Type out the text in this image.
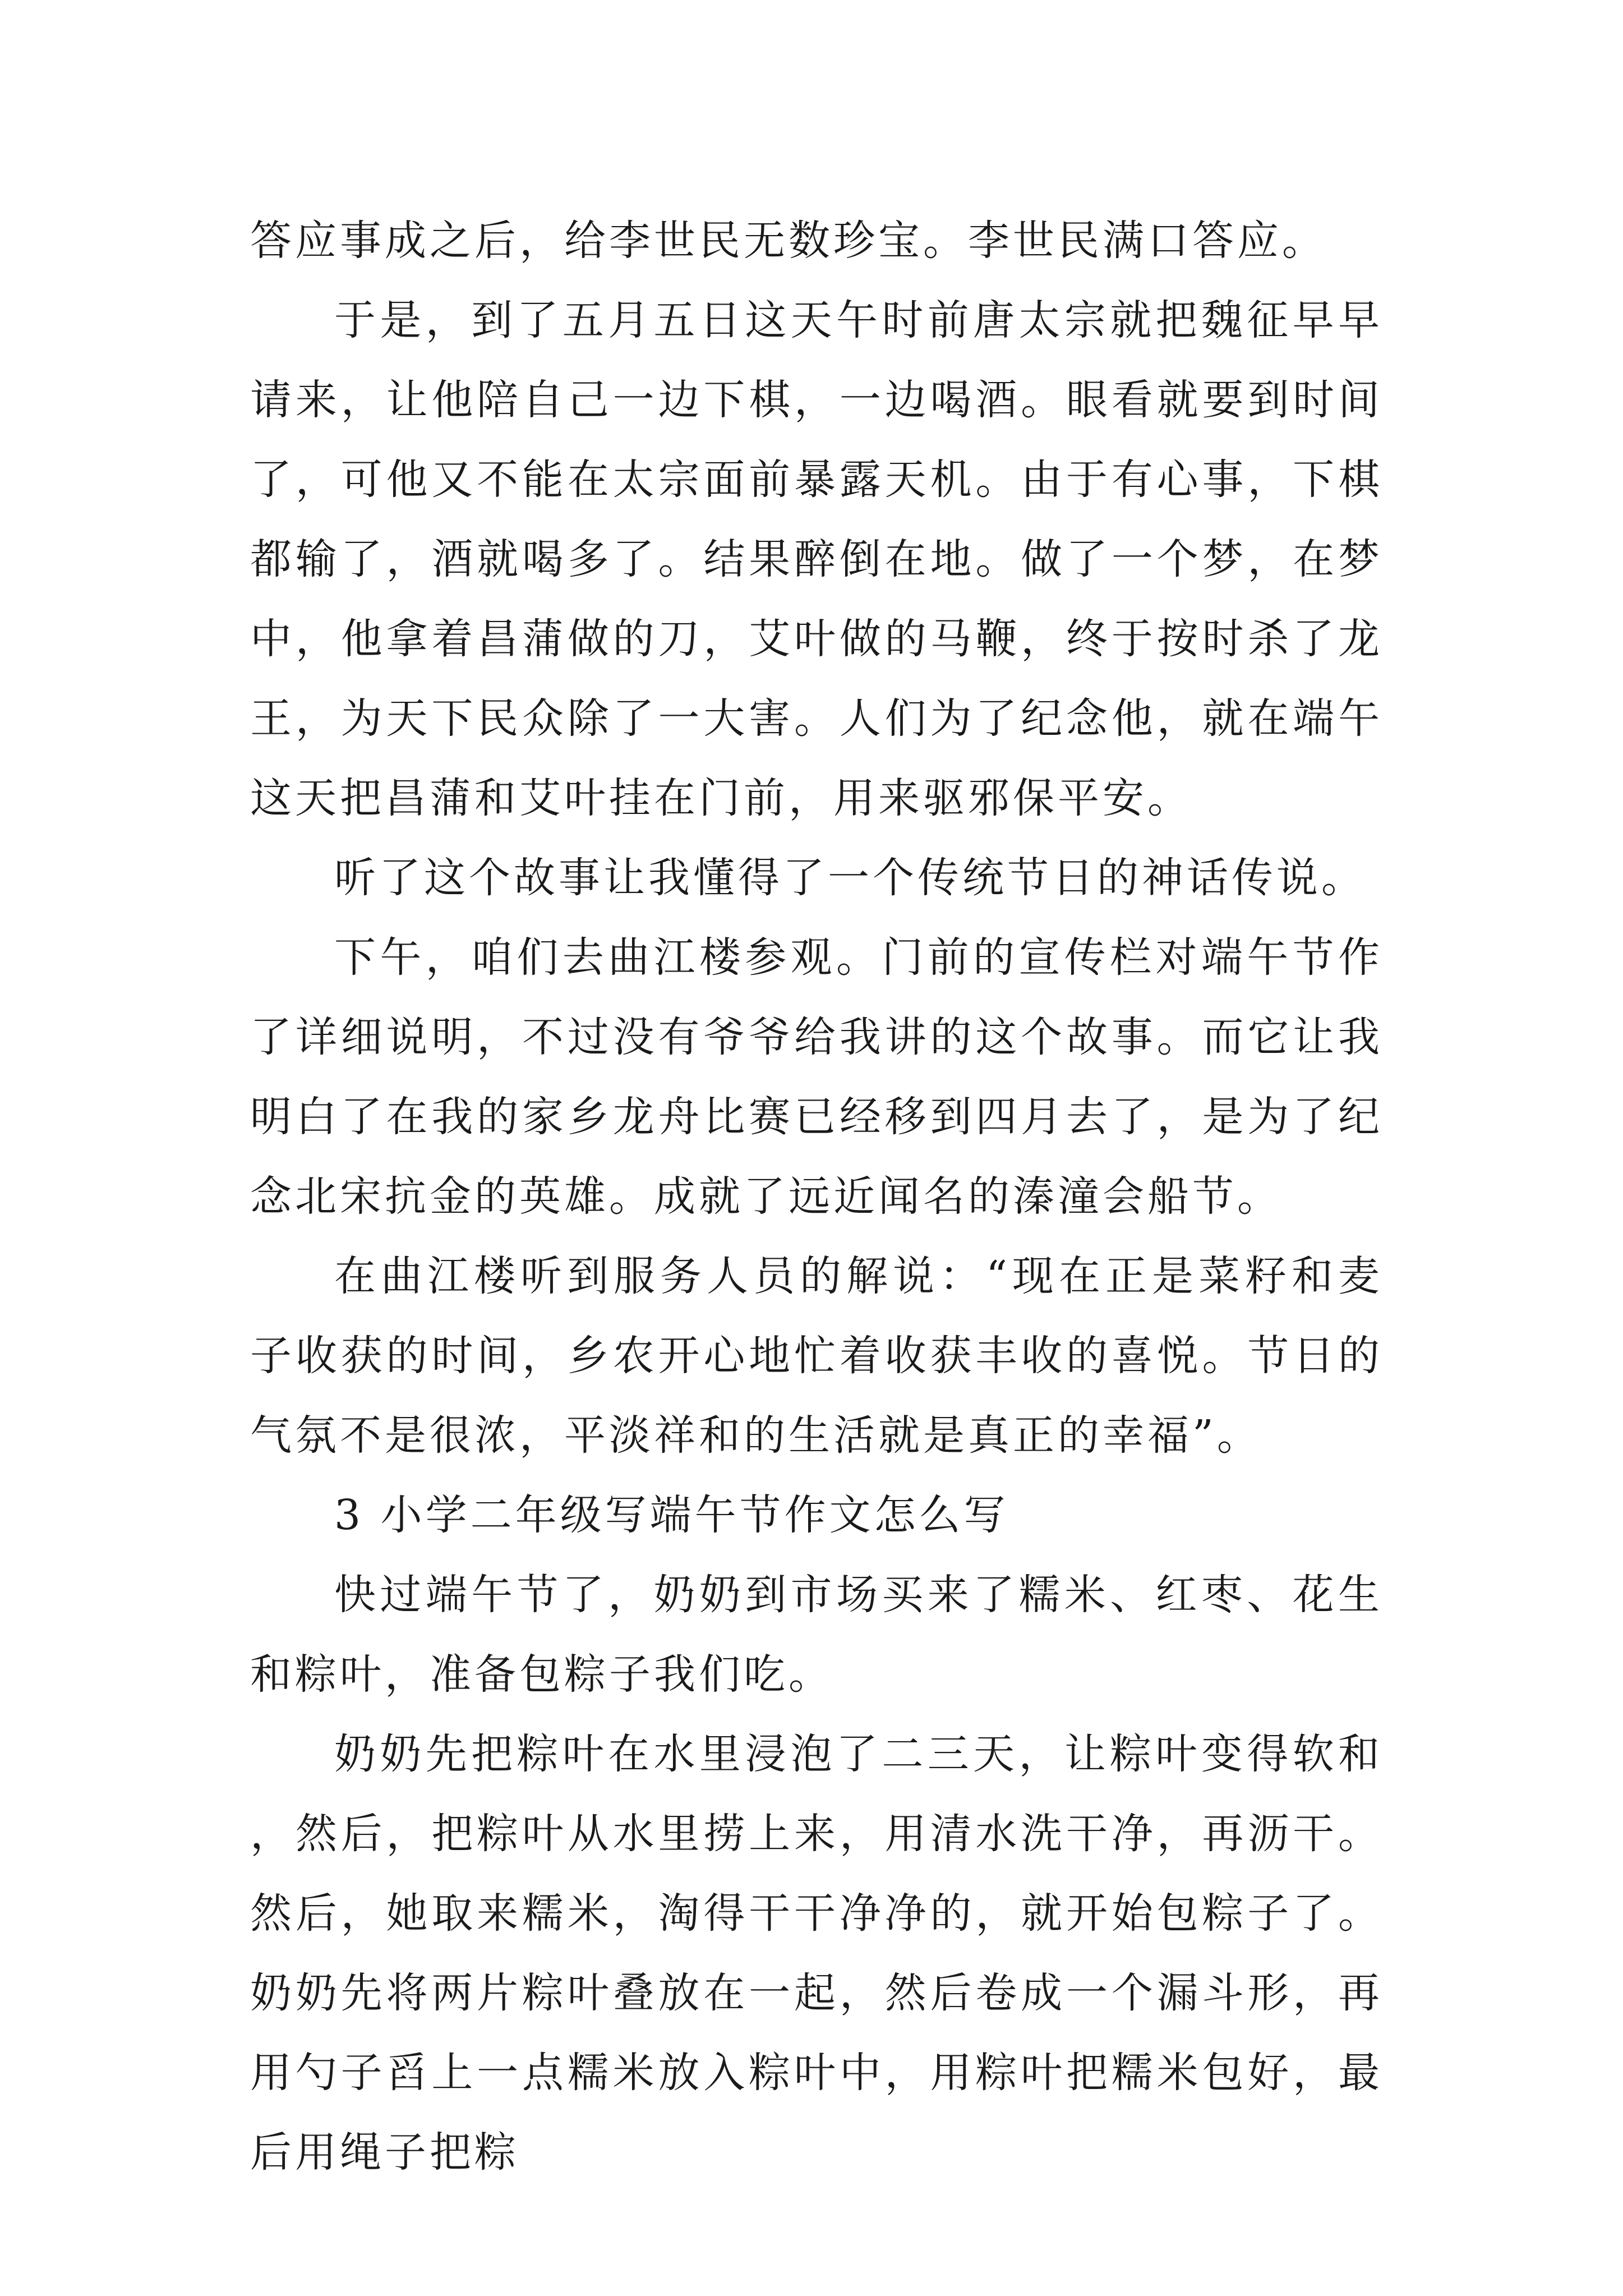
答应事成之后，给李世民无数珍宝。李世民满口答应。

于是，到了五月五日这天午时前唐太宗就把魏征早早请来，让他陪自己一边下棋，一边喝酒。眼看就要到时间了，可他又不能在太宗面前暴露天机。由于有心事，下棋都输了，酒就喝多了。结果醉倒在地。做了一个梦，在梦中，他拿着昌蒲做的刀，艾叶做的马鞭，终于按时杀了龙王，为天下民众除了一大害。人们为了纪念他，就在端午这天把昌蒲和艾叶挂在门前，用来驱邪保平安。

听了这个故事让我懂得了一个传统节日的神话传说。

下午，咱们去曲江楼参观。门前的宣传栏对端午节作了详细说明，不过没有爷爷给我讲的这个故事。而它让我明白了在我的家乡龙舟比赛已经移到四月去了，是为了纪念北宋抗金的英雄。成就了远近闻名的溱潼会船节。

在曲江楼听到服务人员的解说：“现在正是菜籽和麦子收获的时间，乡农开心地忙着收获丰收的喜悦。节日的气氛不是很浓，平淡祥和的生活就是真正的幸福”。

3 小学二年级写端午节作文怎么写

快过端午节了，奶奶到市场买来了糯米、红枣、花生和粽叶，准备包粽子我们吃。

奶奶先把粽叶在水里浸泡了二三天，让粽叶变得软和，然后，把粽叶从水里捞上来，用清水洗干净，再沥干。然后，她取来糯米，淘得干干净净的，就开始包粽子了。奶奶先将两片粽叶叠放在一起，然后卷成一个漏斗形，再用勺子舀上一点糯米放入粽叶中，用粽叶把糯米包好，最后用绳子把粽
